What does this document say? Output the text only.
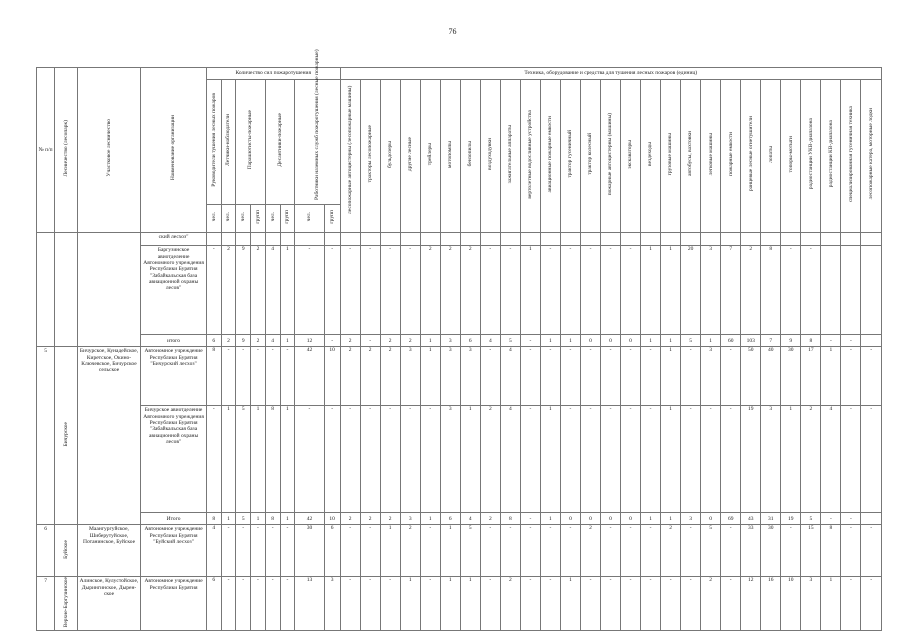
76
№ п/п	Лесничество (лесопарк)	Участковое лесничество	Наименование организации	Количество сил пожаротушения								Техника, оборудование и средства для тушения лесных пожаров (единиц)																										
				Руководители тушения лесных пожаров	Летчики-наблюдатели	Парашютисты-пожарные		Десантники-пожарные		Работники наземных служб пожаротушения (лесные пожарные)		лесопожарные автоцистерны (лесопожарные машины)	тракторы лесопожарные	бульдозеры	другие лесные	трейлеры	мотопомпы	бензопилы	воздуходувки	зажигательные аппараты	вертолетные водосливные устройства	авиационные пожарные емкости	трактор гусеничный	трактор колесный	пожарные автоцистерны (машины)	экскаваторы	вездеходы	грузовые машины	автобусы, вахтовки	легковые машины	пожарные емкости	ранцевые лесные огнетушители	лопаты	топоры-мотыги	радиостанции УКВ-диапазона	радиостанции КВ-диапазона	специализированная гусеничная техника	лесопожарные катера, моторные лодки
				чел.	чел.	чел.	групп	чел.	групп	чел.	групп																											
			ский лесхоз"																																			
			Баргузинское авиотделение Автономного учреждения Республики Бурятия "Забайкальская база авиационной охраны лесов"	-	2	9	2	4	1	-	-	-	-	-	-	2	2	2	-	-	1	-	-	-	-	-	1	1	20	3	7	2	8	-	-			
			итого	6	2	9	2	4	1	12	-	2	-	2	2	1	3	6	4	5	-	1	1	0	0	0	1	1	5	1	60	103	7	9	8	-	-	
5	Бичурское	Бичурское, Кунадейское, Киретское, Окино-Ключевское, Бичурское сельское	Автономное учреждение Республики Бурятия "Бичурский лесхоз"	8	-	-	-	-	-	42	10	2	2	2	3	1	3	3	-	4	-	-	-	-	-	-	-	1	-	3	-	50	40	30	17	1	-	-
			Бичурское авиотделение Автономного учреждения Республики Бурятия "Забайкальская база авиационной охраны лесов"	-	1	5	1	8	1	-	-	-	-	-	-	-	3	1	2	4	-	1	-	-	-	-	-	1	-	-	-	19	3	1	2	4	-	-
			Итого	8	1	5	1	8	1	42	10	2	2	2	3	1	6	4	2	8	-	1	0	0	0	0	1	1	3	0	69	43	31	19	5	-	-	
6	Буйское	Маангургуйское, Шиберутуйское, Потанинское, Буйское	Автономное учреждение Республики Бурятия "Буйский лесхоз"	4	-	-	-	-	-	30	6	-	-	1	2	-	1	5	-	-	-	-	-	2	-	-	-	2	-	5	-	33	30	-	15	8	-	-
7	Верхне-Баргузинское	Алинское, Кулустойское, Дырингинское, Дырен-ское	Автономное учреждение Республики Бурятия	6	-	-	-	-	-	13	3	-	-	-	1	-	1	1	-	2	-	-	1	-	-	-	-	-	-	2	-	12	16	10	3	1	-	-
